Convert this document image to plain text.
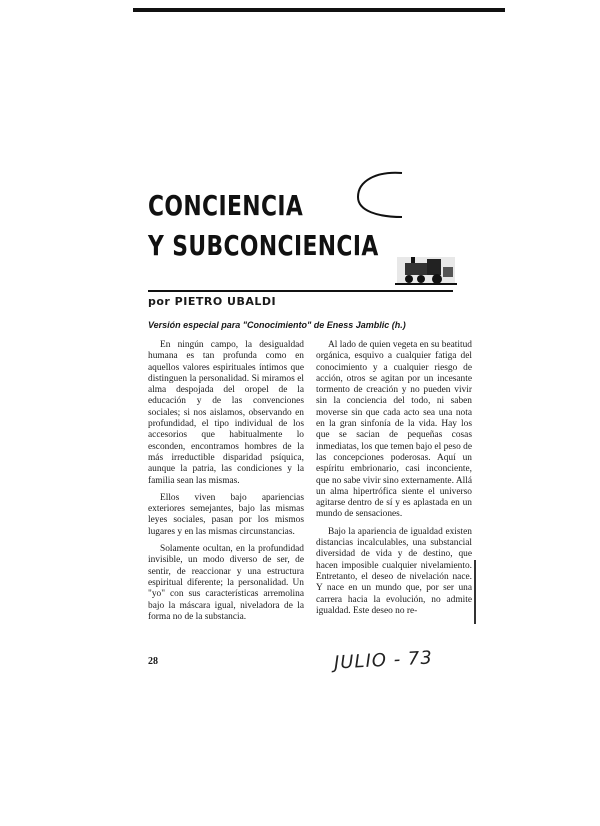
CONCIENCIA
Y SUBCONCIENCIA

por PIETRO UBALDI

Versión especial para "Conocimiento" de Eness Jamblic (h.)

En ningún campo, la desigualdad humana es tan profunda como en aquellos valores espirituales íntimos que distinguen la personalidad. Si miramos el alma despojada del oropel de la educación y de las convenciones sociales; si nos aislamos, observando en profundidad, el tipo individual de los accesorios que habitualmente lo esconden, encontramos hombres de la más irreductible disparidad psíquica, aunque la patria, las condiciones y la familia sean las mismas.

Ellos viven bajo apariencias exteriores semejantes, bajo las mismas leyes sociales, pasan por los mismos lugares y en las mismas circunstancias.

Solamente ocultan, en la profundidad invisible, un modo diverso de ser, de sentir, de reaccionar y una estructura espiritual diferente; la personalidad. Un "yo" con sus características arremolina bajo la máscara igual, niveladora de la forma no de la substancia.

Al lado de quien vegeta en su beatitud orgánica, esquivo a cualquier fatiga del conocimiento y a cualquier riesgo de acción, otros se agitan por un incesante tormento de creación y no pueden vivir sin la conciencia del todo, ni saben moverse sin que cada acto sea una nota en la gran sinfonía de la vida. Hay los que se sacian de pequeñas cosas inmediatas, los que temen bajo el peso de las concepciones poderosas. Aquí un espíritu embrionario, casi inconciente, que no sabe vivir sino externamente. Allá un alma hipertrófica siente el universo agitarse dentro de sí y es aplastada en un mundo de sensaciones.

Bajo la apariencia de igualdad existen distancias incalculables, una substancial diversidad de vida y de destino, que hacen imposible cualquier nivelamiento. Entretanto, el deseo de nivelación nace. Y nace en un mundo que, por ser una carrera hacia la evolución, no admite igualdad. Este deseo no re-

28	JULIO - 73
